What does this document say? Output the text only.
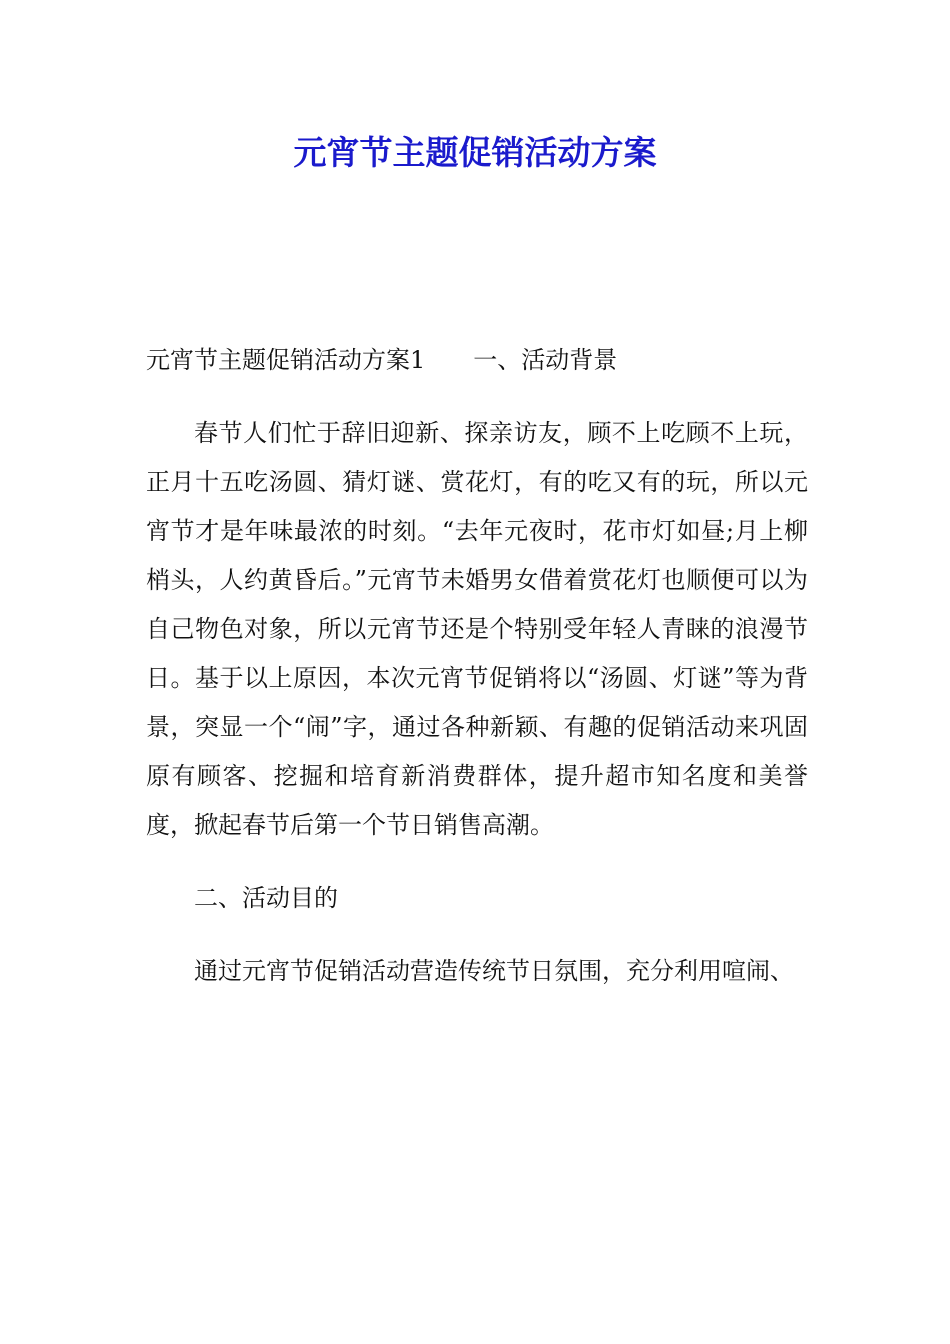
元宵节主题促销活动方案

元宵节主题促销活动方案1 一、活动背景

春节人们忙于辞旧迎新、探亲访友，顾不上吃顾不上玩，正月十五吃汤圆、猜灯谜、赏花灯，有的吃又有的玩，所以元宵节才是年味最浓的时刻。“去年元夜时，花市灯如昼;月上柳梢头，人约黄昏后。”元宵节未婚男女借着赏花灯也顺便可以为自己物色对象，所以元宵节还是个特别受年轻人青睐的浪漫节日。基于以上原因，本次元宵节促销将以“汤圆、灯谜”等为背景，突显一个“闹”字，通过各种新颖、有趣的促销活动来巩固原有顾客、挖掘和培育新消费群体，提升超市知名度和美誉度，掀起春节后第一个节日销售高潮。

二、活动目的

通过元宵节促销活动营造传统节日氛围，充分利用喧闹、
